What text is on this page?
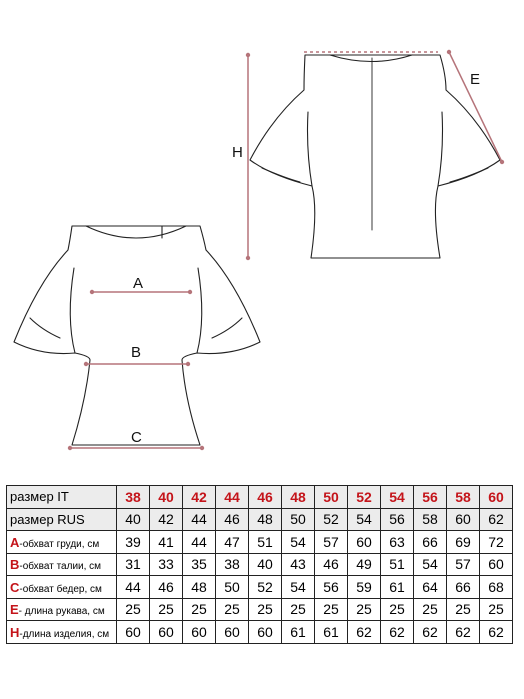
A
B
C
H
E
размер IT	38	40	42	44	46	48	50	52	54	56	58	60
размер RUS	40	42	44	46	48	50	52	54	56	58	60	62
A-обхват груди, см	39	41	44	47	51	54	57	60	63	66	69	72
B-обхват талии, см	31	33	35	38	40	43	46	49	51	54	57	60
C-обхват бедер, см	44	46	48	50	52	54	56	59	61	64	66	68
E- длина рукава, см	25	25	25	25	25	25	25	25	25	25	25	25
H-длина изделия, см	60	60	60	60	60	61	61	62	62	62	62	62
